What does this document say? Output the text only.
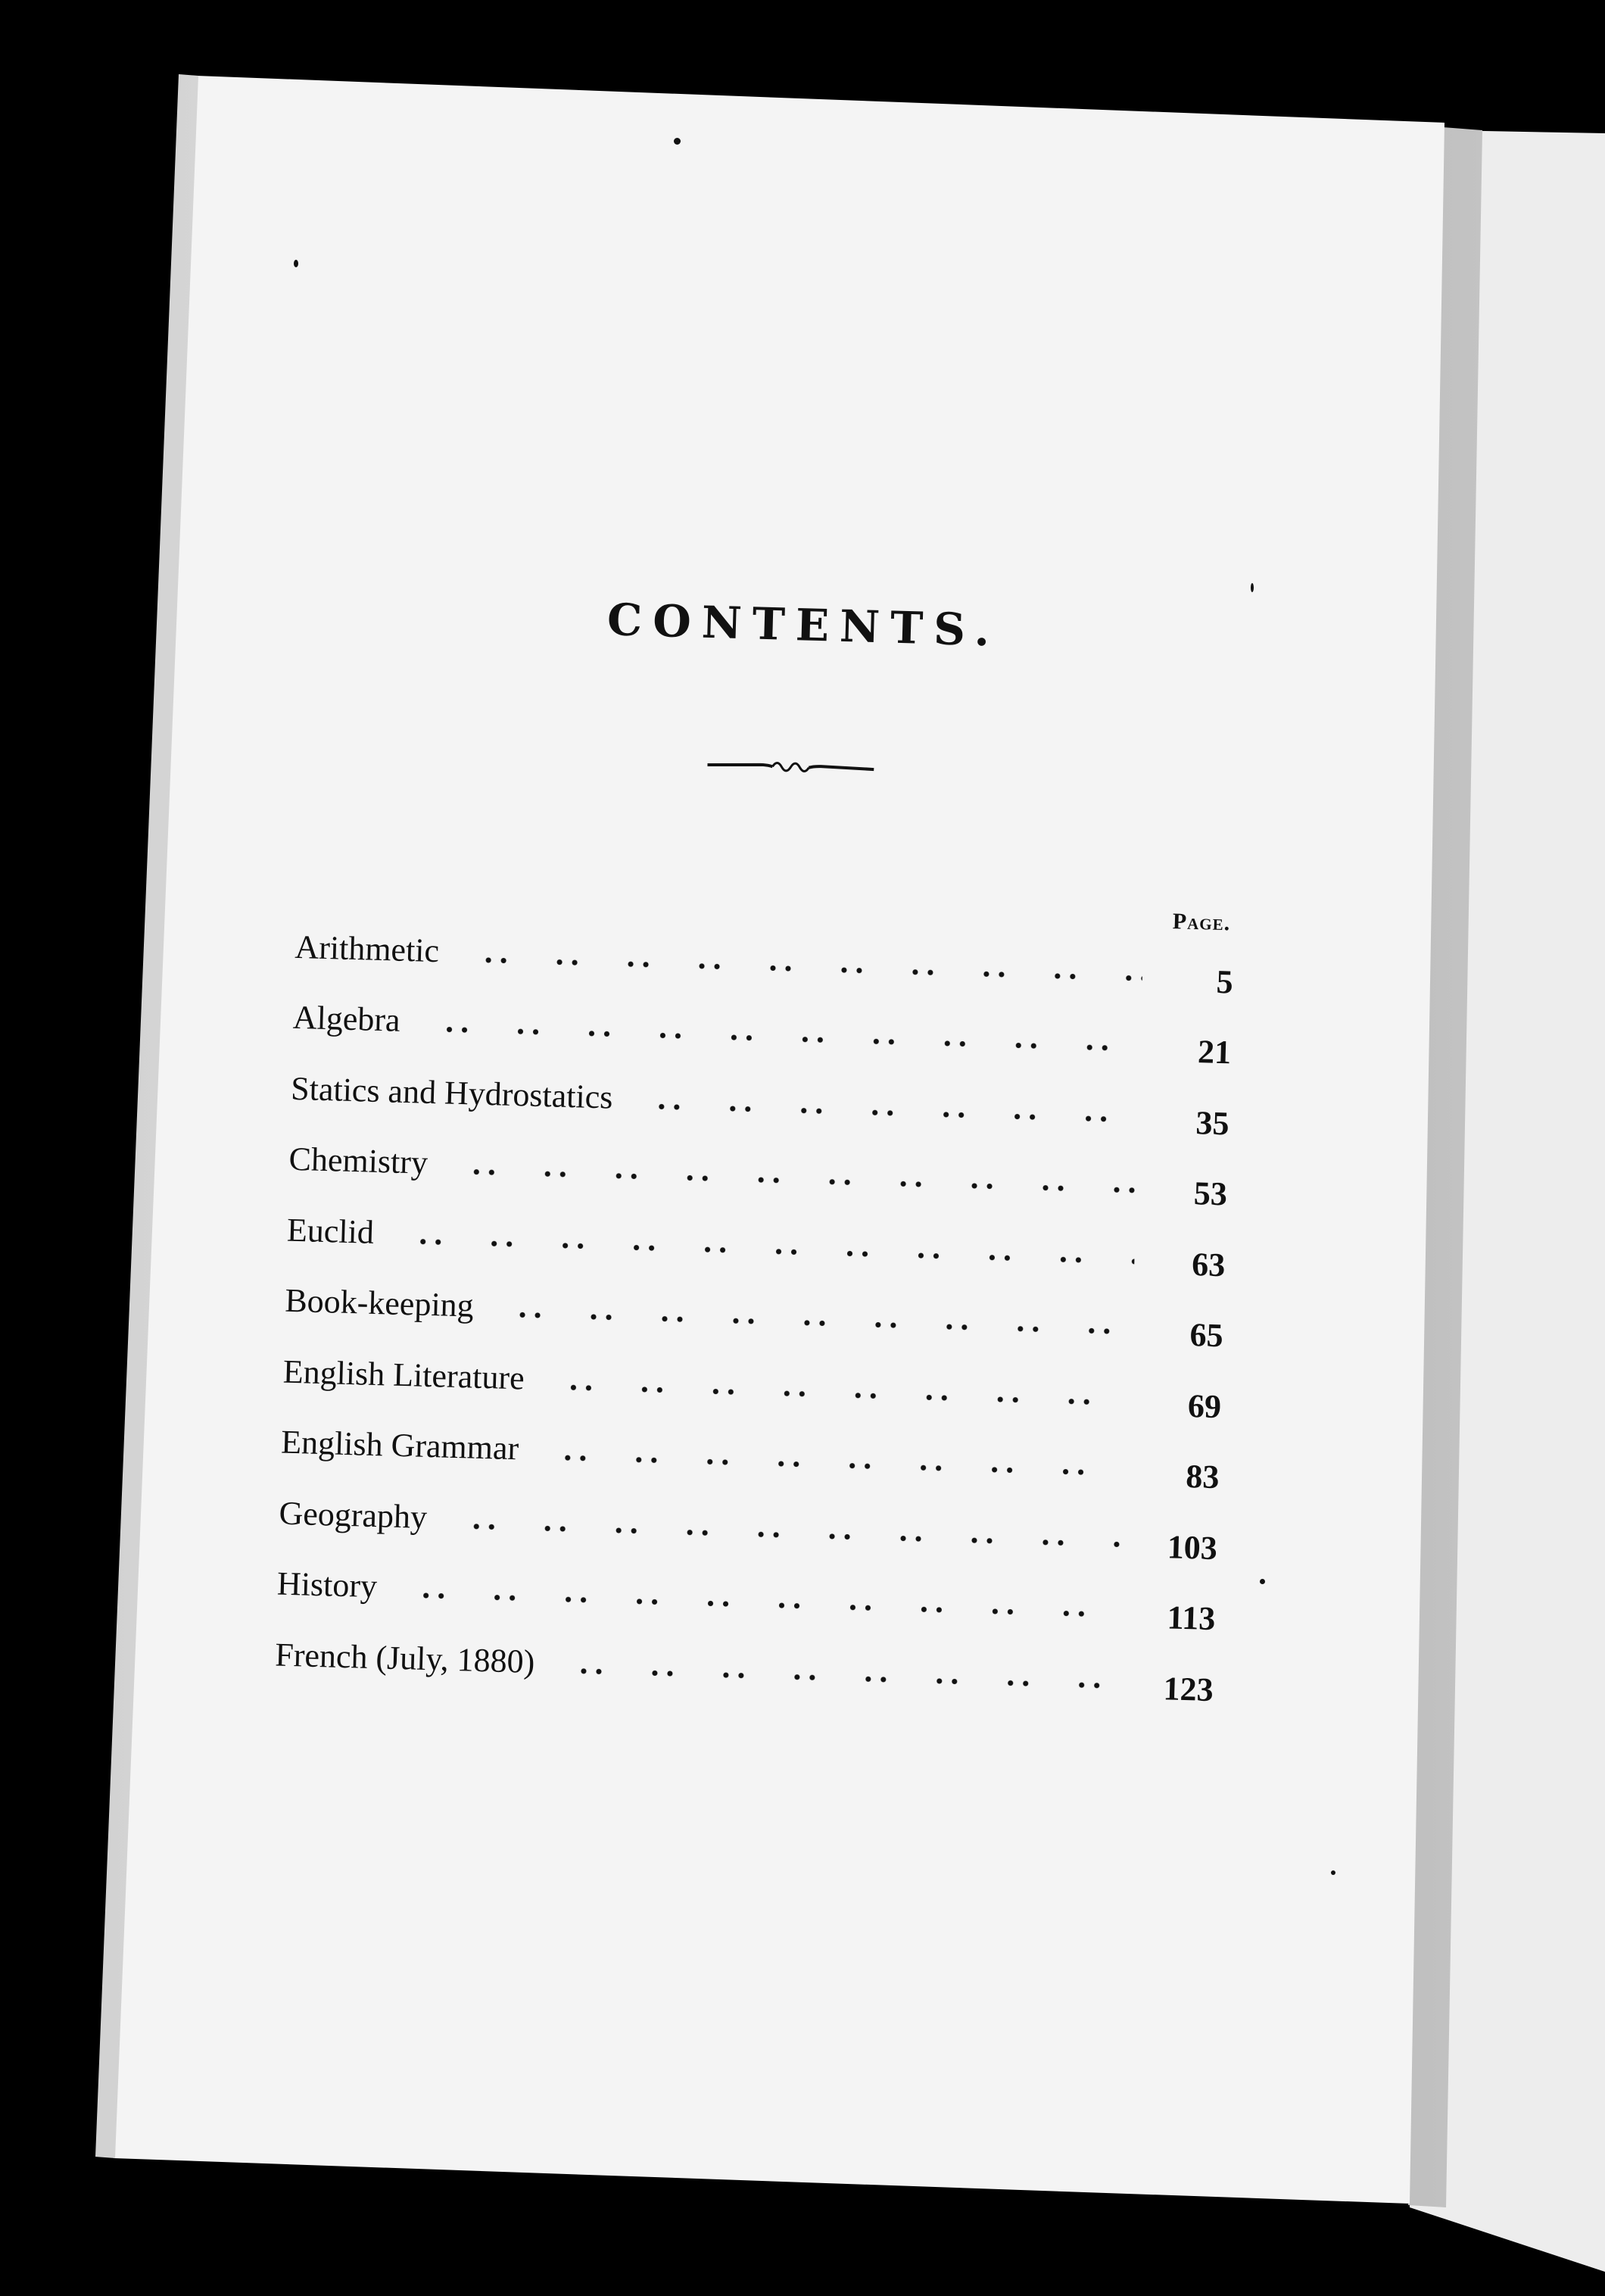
CONTENTS.
Page.
Arithmetic
5
Algebra
21
Statics and Hydrostatics
35
Chemistry
53
Euclid
63
Book-keeping
65
English Literature
69
English Grammar
83
Geography
103
History
113
French (July, 1880)
123
